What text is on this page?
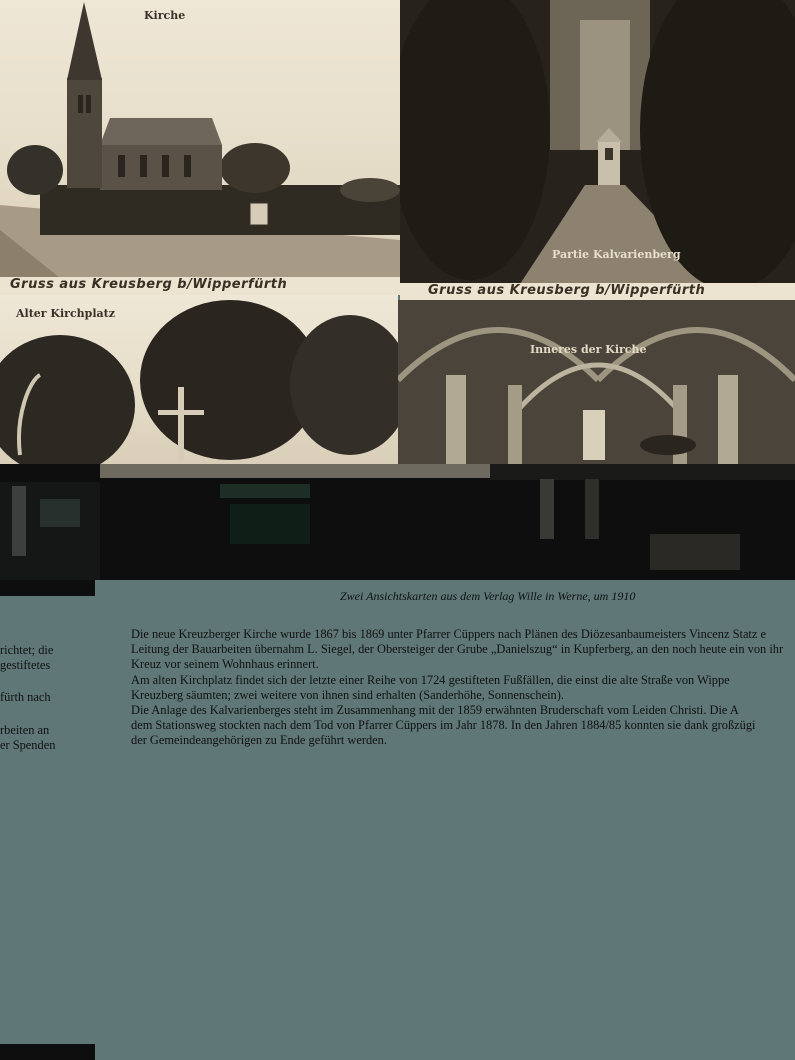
Kirche
Gruss aus Kreusberg b/Wipperfürth
Partie Kalvarienberg
Gruss aus Kreusberg b/Wipperfürth
Alter Kirchplatz
Inneres der Kirche
Zwei Ansichtskarten aus dem Verlag Wille in Werne, um 1910
richtet; die
gestiftetes
fürth nach
rbeiten an
er Spenden
Die neue Kreuzberger Kirche wurde 1867 bis 1869 unter Pfarrer Cüppers nach Plänen des Diözesanbaumeisters Vincenz Statz e
Leitung der Bauarbeiten übernahm L. Siegel, der Obersteiger der Grube „Danielszug“ in Kupferberg, an den noch heute ein von ihr
Kreuz vor seinem Wohnhaus erinnert.
Am alten Kirchplatz findet sich der letzte einer Reihe von 1724 gestifteten Fußfällen, die einst die alte Straße von Wippe
Kreuzberg säumten; zwei weitere von ihnen sind erhalten (Sanderhöhe, Sonnenschein).
Die Anlage des Kalvarienberges steht im Zusammenhang mit der 1859 erwähnten Bruderschaft vom Leiden Christi. Die A
dem Stationsweg stockten nach dem Tod von Pfarrer Cüppers im Jahr 1878. In den Jahren 1884/85 konnten sie dank großzügi
der Gemeindeangehörigen zu Ende geführt werden.
